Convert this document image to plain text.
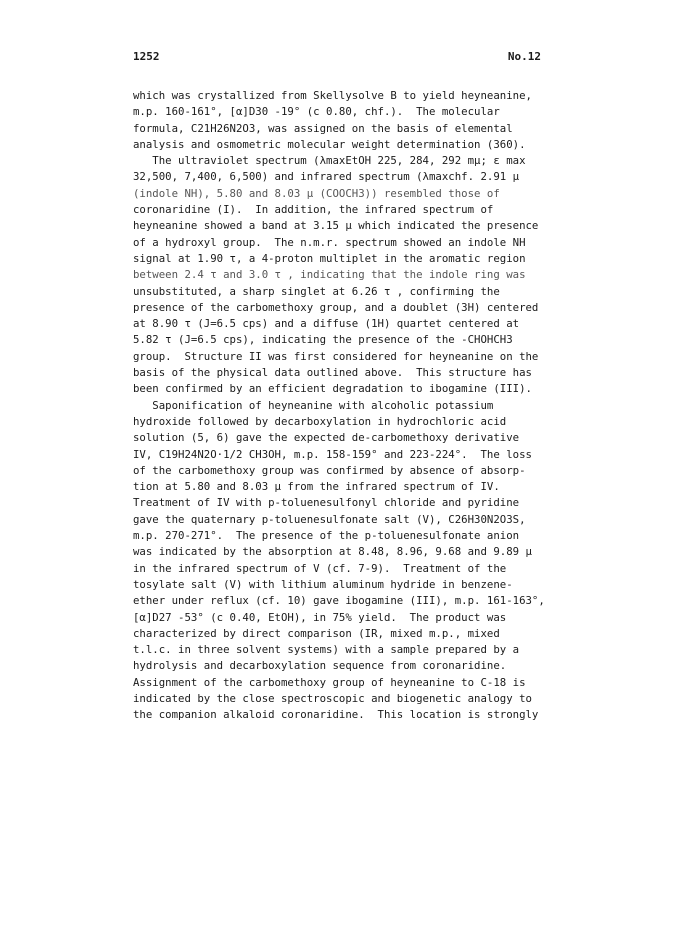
1252	No.12
which was crystallized from Skellysolve B to yield heyneanine,
m.p. 160-161°, [α]D30 -19° (c 0.80, chf.).  The molecular
formula, C21H26N2O3, was assigned on the basis of elemental
analysis and osmometric molecular weight determination (360).
The ultraviolet spectrum (λmaxEtOH 225, 284, 292 mμ; ε max
32,500, 7,400, 6,500) and infrared spectrum (λmaxchf. 2.91 μ
(indole NH), 5.80 and 8.03 μ (COOCH3)) resembled those of
coronaridine (I).  In addition, the infrared spectrum of
heyneanine showed a band at 3.15 μ which indicated the presence
of a hydroxyl group.  The n.m.r. spectrum showed an indole NH
signal at 1.90 τ, a 4-proton multiplet in the aromatic region
between 2.4 τ and 3.0 τ , indicating that the indole ring was
unsubstituted, a sharp singlet at 6.26 τ , confirming the
presence of the carbomethoxy group, and a doublet (3H) centered
at 8.90 τ (J=6.5 cps) and a diffuse (1H) quartet centered at
5.82 τ (J=6.5 cps), indicating the presence of the -CHOHCH3
group.  Structure II was first considered for heyneanine on the
basis of the physical data outlined above.  This structure has
been confirmed by an efficient degradation to ibogamine (III).
Saponification of heyneanine with alcoholic potassium
hydroxide followed by decarboxylation in hydrochloric acid
solution (5, 6) gave the expected de-carbomethoxy derivative
IV, C19H24N2O·1/2 CH3OH, m.p. 158-159° and 223-224°.  The loss
of the carbomethoxy group was confirmed by absence of absorp-
tion at 5.80 and 8.03 μ from the infrared spectrum of IV.
Treatment of IV with p-toluenesulfonyl chloride and pyridine
gave the quaternary p-toluenesulfonate salt (V), C26H30N2O3S,
m.p. 270-271°.  The presence of the p-toluenesulfonate anion
was indicated by the absorption at 8.48, 8.96, 9.68 and 9.89 μ
in the infrared spectrum of V (cf. 7-9).  Treatment of the
tosylate salt (V) with lithium aluminum hydride in benzene-
ether under reflux (cf. 10) gave ibogamine (III), m.p. 161-163°,
[α]D27 -53° (c 0.40, EtOH), in 75% yield.  The product was
characterized by direct comparison (IR, mixed m.p., mixed
t.l.c. in three solvent systems) with a sample prepared by a
hydrolysis and decarboxylation sequence from coronaridine.
Assignment of the carbomethoxy group of heyneanine to C-18 is
indicated by the close spectroscopic and biogenetic analogy to
the companion alkaloid coronaridine.  This location is strongly
